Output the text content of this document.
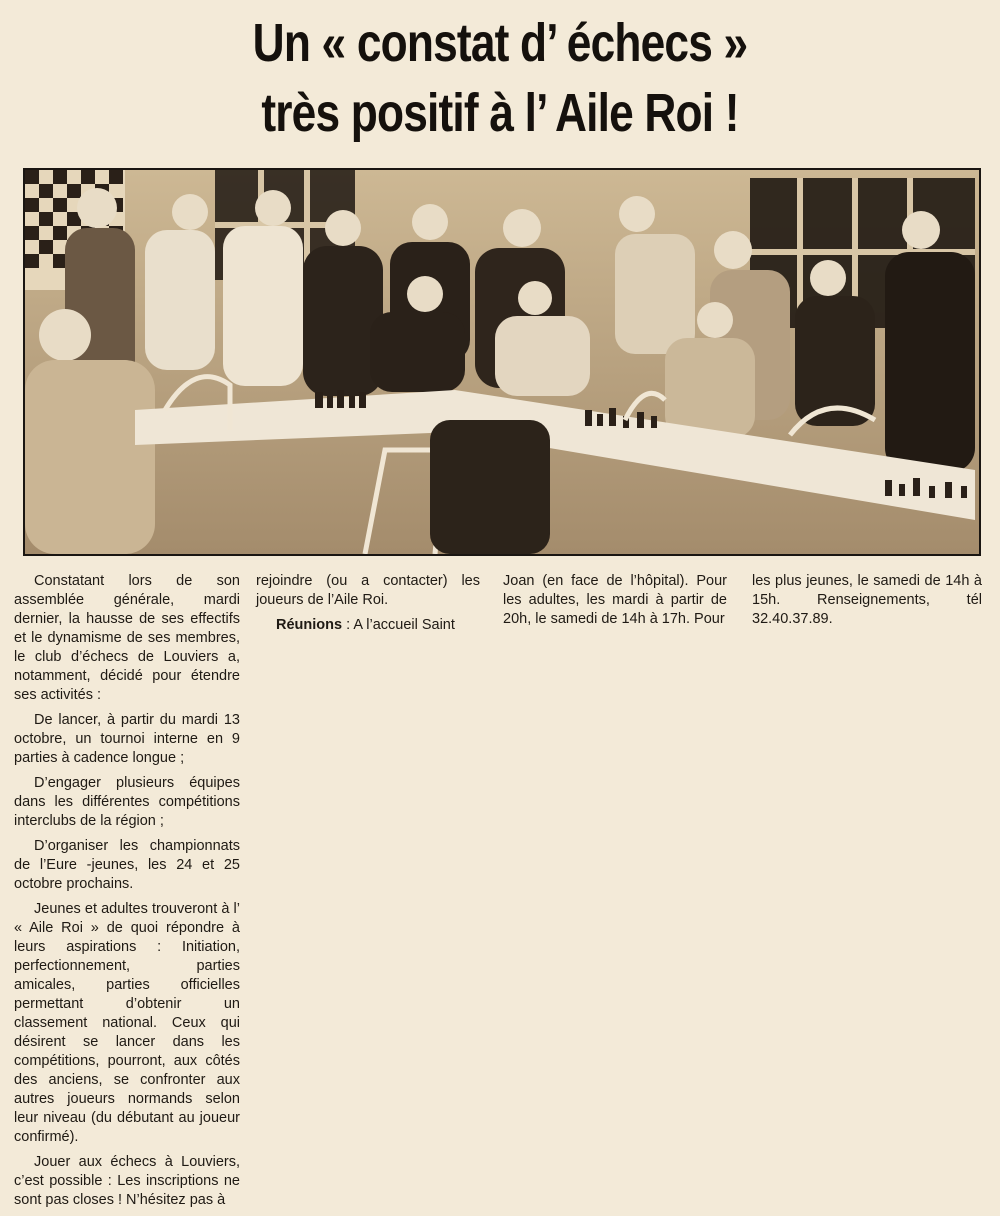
Un « constat d’ échecs »
très positif à l’ Aile Roi !

Constatant lors de son assemblée générale, mardi dernier, la hausse de ses effectifs et le dynamisme de ses membres, le club d’échecs de Louviers a, notamment, décidé pour étendre ses activités :

De lancer, à partir du mardi 13 octobre, un tournoi interne en 9 parties à cadence longue ;

D’engager plusieurs équipes dans les différentes compétitions interclubs de la région ;

D’organiser les championnats de l’Eure -jeunes, les 24 et 25 octobre prochains.

Jeunes et adultes trouveront à l’ « Aile Roi » de quoi répondre à leurs aspirations : Initiation, perfectionnement, parties amicales, parties officielles permettant d’obtenir un classement national. Ceux qui désirent se lancer dans les compétitions, pourront, aux côtés des anciens, se confronter aux autres joueurs normands selon leur niveau (du débutant au joueur confirmé).

Jouer aux échecs à Louviers, c’est possible : Les inscriptions ne sont pas closes ! N’hésitez pas à

rejoindre (ou a contacter) les joueurs de l’Aile Roi.

Réunions : A l’accueil Saint

Joan (en face de l’hôpital). Pour les adultes, les mardi à partir de 20h, le samedi de 14h à 17h. Pour

les plus jeunes, le samedi de 14h à 15h. Renseignements, tél 32.40.37.89.
